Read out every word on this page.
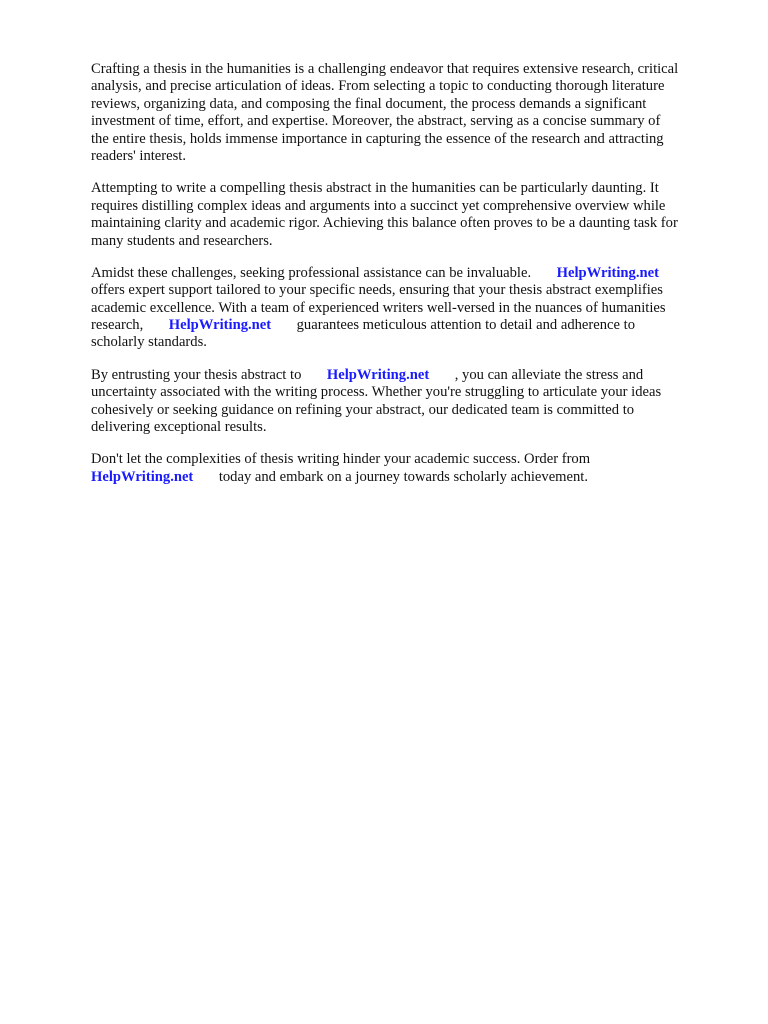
Crafting a thesis in the humanities is a challenging endeavor that requires extensive research, critical
analysis, and precise articulation of ideas. From selecting a topic to conducting thorough literature
reviews, organizing data, and composing the final document, the process demands a significant
investment of time, effort, and expertise. Moreover, the abstract, serving as a concise summary of
the entire thesis, holds immense importance in capturing the essence of the research and attracting
readers' interest.

Attempting to write a compelling thesis abstract in the humanities can be particularly daunting. It
requires distilling complex ideas and arguments into a succinct yet comprehensive overview while
maintaining clarity and academic rigor. Achieving this balance often proves to be a daunting task for
many students and researchers.

Amidst these challenges, seeking professional assistance can be invaluable.       HelpWriting.net
offers expert support tailored to your specific needs, ensuring that your thesis abstract exemplifies
academic excellence. With a team of experienced writers well-versed in the nuances of humanities
research,       HelpWriting.net       guarantees meticulous attention to detail and adherence to
scholarly standards.

By entrusting your thesis abstract to       HelpWriting.net       , you can alleviate the stress and
uncertainty associated with the writing process. Whether you're struggling to articulate your ideas
cohesively or seeking guidance on refining your abstract, our dedicated team is committed to
delivering exceptional results.

Don't let the complexities of thesis writing hinder your academic success. Order from
HelpWriting.net       today and embark on a journey towards scholarly achievement.
